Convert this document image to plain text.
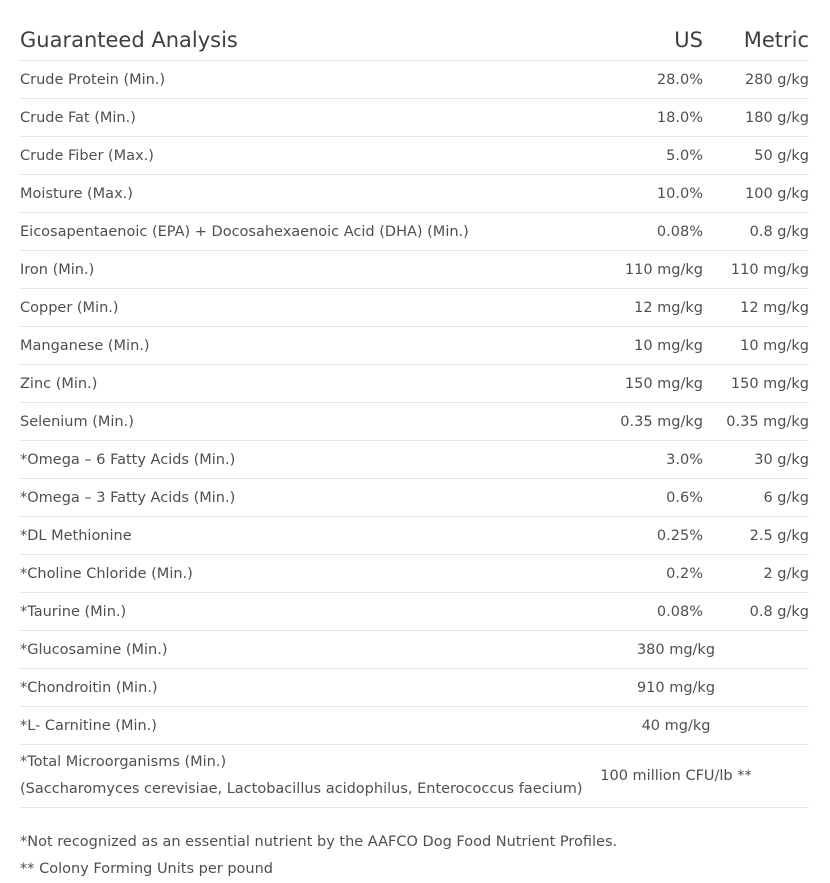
Guaranteed Analysis	US	Metric
Crude Protein (Min.)	28.0%	280 g/kg
Crude Fat (Min.)	18.0%	180 g/kg
Crude Fiber (Max.)	5.0%	50 g/kg
Moisture (Max.)	10.0%	100 g/kg
Eicosapentaenoic (EPA) + Docosahexaenoic Acid (DHA) (Min.)	0.08%	0.8 g/kg
Iron (Min.)	110 mg/kg	110 mg/kg
Copper (Min.)	12 mg/kg	12 mg/kg
Manganese (Min.)	10 mg/kg	10 mg/kg
Zinc (Min.)	150 mg/kg	150 mg/kg
Selenium (Min.)	0.35 mg/kg	0.35 mg/kg
*Omega – 6 Fatty Acids (Min.)	3.0%	30 g/kg
*Omega – 3 Fatty Acids (Min.)	0.6%	6 g/kg
*DL Methionine	0.25%	2.5 g/kg
*Choline Chloride (Min.)	0.2%	2 g/kg
*Taurine (Min.)	0.08%	0.8 g/kg
*Glucosamine (Min.)	380 mg/kg	
*Chondroitin (Min.)	910 mg/kg	
*L- Carnitine (Min.)	40 mg/kg	

*Total Microorganisms (Min.)
(Saccharomyces cerevisiae, Lactobacillus acidophilus, Enterococcus faecium)	100 million CFU/lb **	
*Not recognized as an essential nutrient by the AAFCO Dog Food Nutrient Profiles.
** Colony Forming Units per pound
